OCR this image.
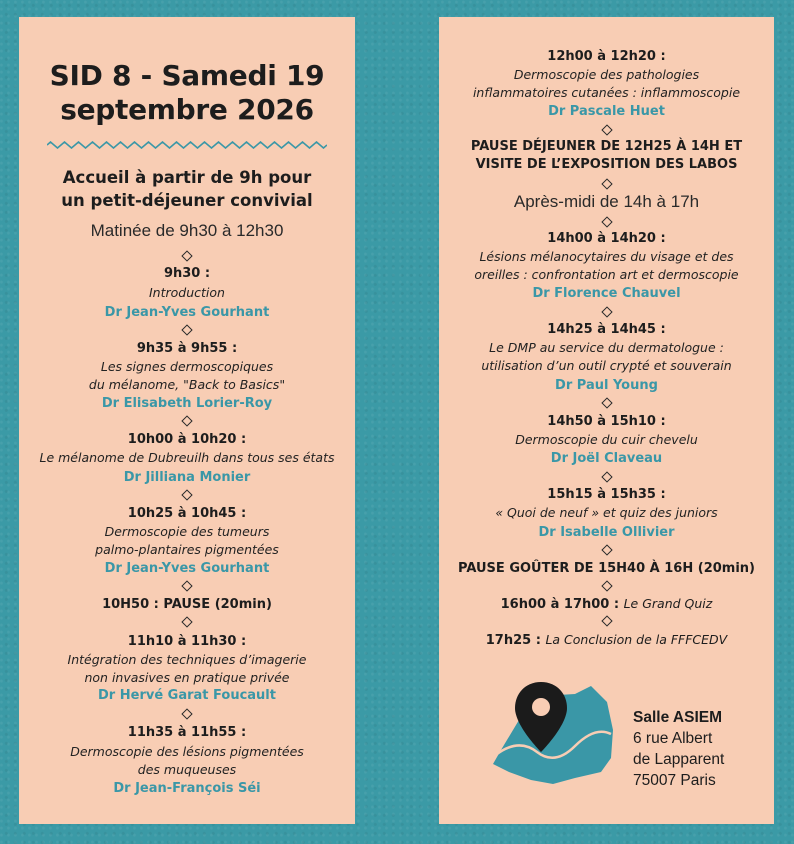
SID 8 - Samedi 19
septembre 2026
Accueil à partir de 9h pour
un petit-déjeuner convivial
Matinée de 9h30 à 12h30
9h30 :
Introduction
Dr Jean-Yves Gourhant
9h35 à 9h55 :
Les signes dermoscopiques
du mélanome, "Back to Basics"
Dr Elisabeth Lorier-Roy
10h00 à 10h20 :
Le mélanome de Dubreuilh dans tous ses états
Dr Jilliana Monier
10h25 à 10h45 :
Dermoscopie des tumeurs
palmo-plantaires pigmentées
Dr Jean-Yves Gourhant
10H50 : PAUSE (20min)
11h10 à 11h30 :
Intégration des techniques d’imagerie
non invasives en pratique privée
Dr Hervé Garat Foucault
11h35 à 11h55 :
Dermoscopie des lésions pigmentées
des muqueuses
Dr Jean-François Séi
12h00 à 12h20 :
Dermoscopie des pathologies
inflammatoires cutanées : inflammoscopie
Dr Pascale Huet
PAUSE DÉJEUNER DE 12H25 À 14H ET
VISITE DE L’EXPOSITION DES LABOS
Après-midi de 14h à 17h
14h00 à 14h20 :
Lésions mélanocytaires du visage et des
oreilles : confrontation art et dermoscopie
Dr Florence Chauvel
14h25 à 14h45 :
Le DMP au service du dermatologue :
utilisation d’un outil crypté et souverain
Dr Paul Young
14h50 à 15h10 :
Dermoscopie du cuir chevelu
Dr Joël Claveau
15h15 à 15h35 :
« Quoi de neuf » et quiz des juniors
Dr Isabelle Ollivier
PAUSE GOÛTER DE 15H40 À 16H (20min)
16h00 à 17h00 : Le Grand Quiz
17h25 : La Conclusion de la FFFCEDV
Salle ASIEM
6 rue Albert
de Lapparent
75007 Paris
